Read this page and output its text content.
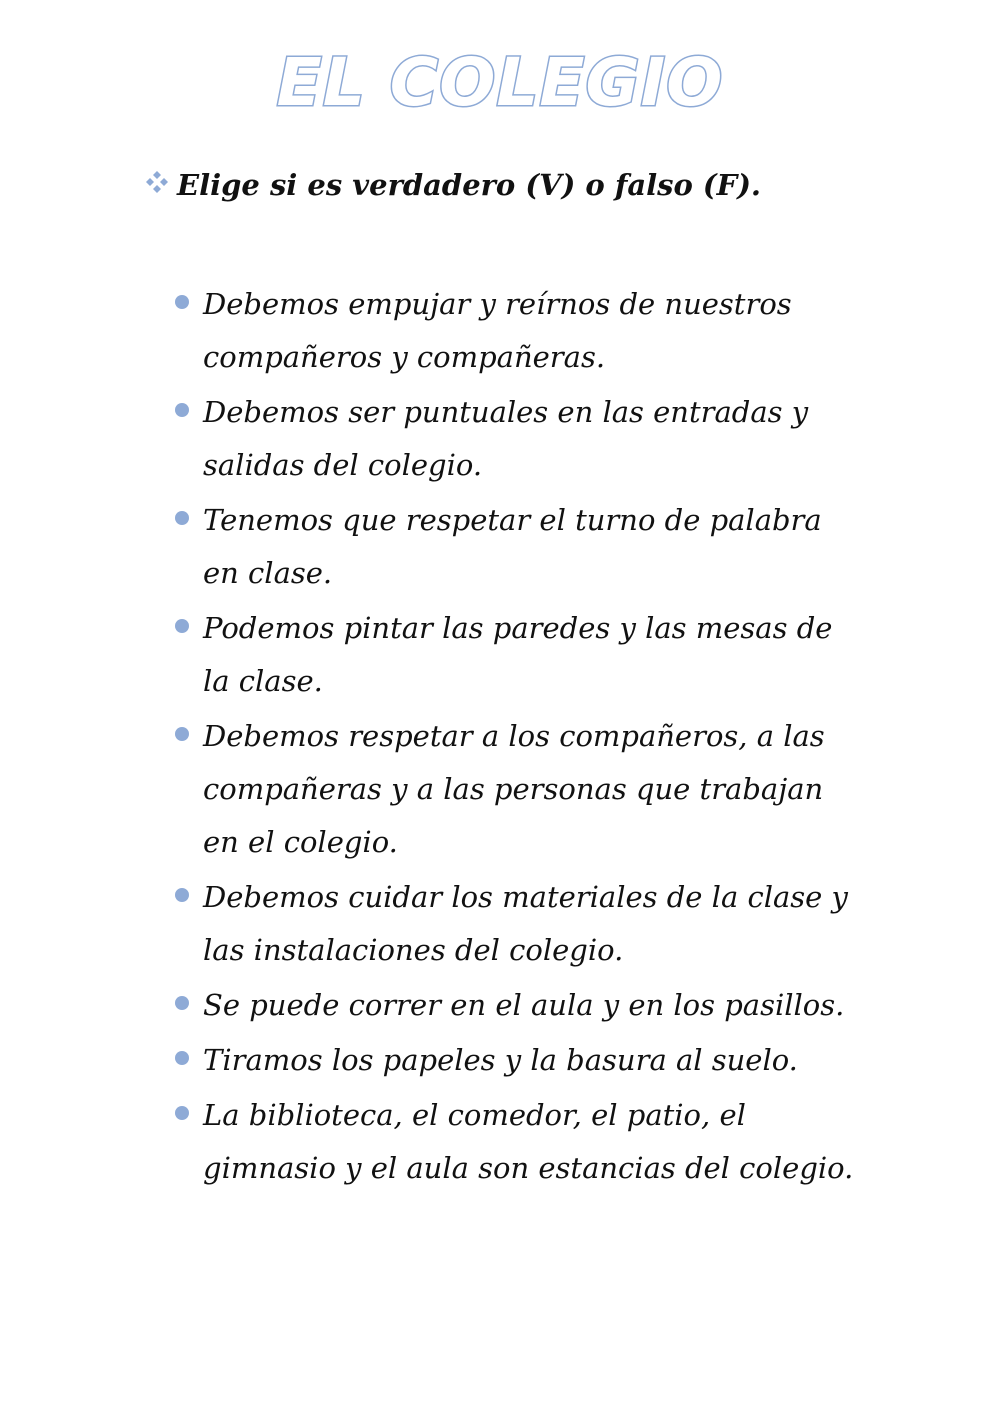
EL COLEGIO
Elige si es verdadero (V) o falso (F).
Debemos empujar y reírnos de nuestros compañeros y compañeras.
Debemos ser puntuales en las entradas y salidas del colegio.
Tenemos que respetar el turno de palabra en clase.
Podemos pintar las paredes y las mesas de la clase.
Debemos respetar a los compañeros, a las compañeras y a las personas que trabajan en el colegio.
Debemos cuidar los materiales de la clase y las instalaciones del colegio.
Se puede correr en el aula y en los pasillos.
Tiramos los papeles y la basura al suelo.
La biblioteca, el comedor, el patio, el gimnasio y el aula son estancias del colegio.
